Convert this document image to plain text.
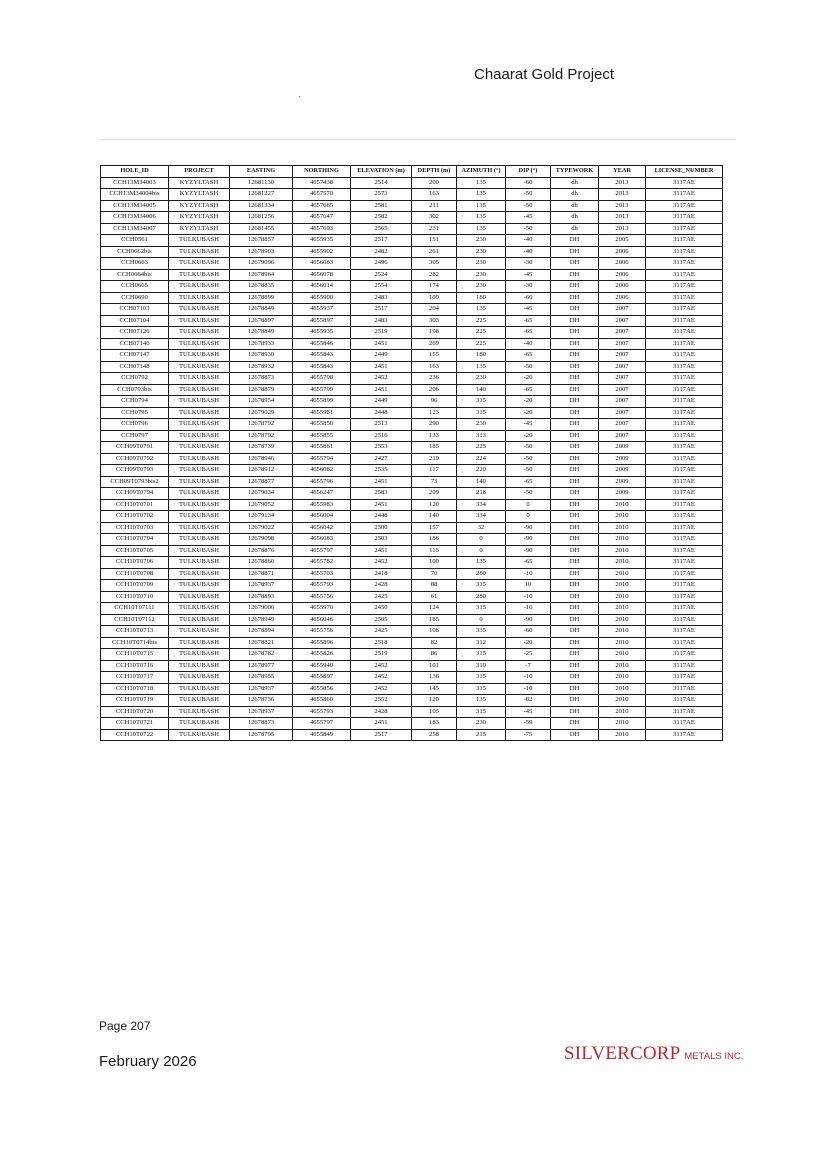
Chaarat Gold Project
HOLE_ID	PROJECT	EASTING	NORTHING	ELEVATION (m)	DEPTH (m)	AZIMUTH (°)	DIP (°)	TYPEWORK	YEAR	LICENSE_NUMBER
CCH13M34003	KYZYLTASH	12681130	4657438	2514	200	135	-60	dh	2013	3117AE
CCH13M34004bis	KYZYLTASH	12681227	4657570	2573	163	135	-50	dh	2013	3117AE
CCH13M34005	KYZYLTASH	12681334	4657685	2581	211	135	-50	dh	2013	3117AE
CCH13M34006	KYZYLTASH	12681256	4657647	2582	302	135	-45	dh	2013	3117AE
CCH13M34007	KYZYLTASH	12681455	4657693	2565	231	135	-50	dh	2013	3117AE
CCH0561	TULKUBASH	12678857	4655935	2517	151	230	-40	DH	2005	3117AE
CCH0662bis	TULKUBASH	12678903	4655902	2482	261	230	-40	DH	2006	3117AE
CCH0663	TULKUBASH	12679096	4656083	2496	305	230	-30	DH	2006	3117AE
CCH0664bis	TULKUBASH	12678964	4656078	2524	282	230	-45	DH	2006	3117AE
CCH0665	TULKUBASH	12678835	4656014	2554	174	230	-30	DH	2006	3117AE
CCH0690	TULKUBASH	12678899	4655900	2483	109	180	-60	DH	2006	3117AE
CCH07103	TULKUBASH	12678849	4655937	2517	204	135	-45	DH	2007	3117AE
CCH07104	TULKUBASH	12678897	4655897	2483	303	225	-65	DH	2007	3117AE
CCH07126	TULKUBASH	12678849	4655935	2519	198	225	-65	DH	2007	3117AE
CCH07146	TULKUBASH	12678933	4655846	2451	269	225	-40	DH	2007	3117AE
CCH07147	TULKUBASH	12678930	4655843	2449	155	180	-65	DH	2007	3117AE
CCH07148	TULKUBASH	12678932	4655843	2451	163	135	-50	DH	2007	3117AE
CCH0792	TULKUBASH	12678873	4655798	2452	236	230	-20	DH	2007	3117AE
CCH0793bis	TULKUBASH	12678879	4655799	2451	206	140	-65	DH	2007	3117AE
CCH0794	TULKUBASH	12678954	4655899	2449	96	315	-20	DH	2007	3117AE
CCH0795	TULKUBASH	12679029	4655981	2448	123	315	-20	DH	2007	3117AE
CCH0796	TULKUBASH	12678792	4655850	2513	290	230	-45	DH	2007	3117AE
CCH0797	TULKUBASH	12678792	4655855	2516	133	313	-20	DH	2007	3117AE
CCH09T0791	TULKUBASH	12678739	4655861	2553	185	225	-50	DH	2009	3117AE
CCH09T0792	TULKUBASH	12678946	4655794	2427	219	224	-50	DH	2009	3117AE
CCH09T0793	TULKUBASH	12678912	4656082	2535	117	220	-50	DH	2009	3117AE
CCH09T0793bis2	TULKUBASH	12678877	4655796	2451	73	140	-65	DH	2009	3117AE
CCH09T0794	TULKUBASH	12679034	4656247	2583	209	218	-50	DH	2009	3117AE
CCH10T0701	TULKUBASH	12679052	4655983	2451	120	334	0	DH	2010	3117AE
CCH10T0702	TULKUBASH	12679134	4656004	2448	140	334	0	DH	2010	3117AE
CCH10T0703	TULKUBASH	12679022	4656042	2500	157	32	-90	DH	2010	3117AE
CCH10T0704	TULKUBASH	12679098	4656083	2503	186	0	-90	DH	2010	3117AE
CCH10T0705	TULKUBASH	12678876	4655797	2451	116	0	-90	DH	2010	3117AE
CCH10T0706	TULKUBASH	12678860	4655782	2452	100	135	-65	DH	2010	3117AE
CCH10T0708	TULKUBASH	12678871	4655703	2418	70	280	-10	DH	2010	3117AE
CCH10T0709	TULKUBASH	12678937	4655793	2428	88	315	10	DH	2010	3117AE
CCH10T0710	TULKUBASH	12678893	4655756	2425	61	280	-10	DH	2010	3117AE
CCH10T07111	TULKUBASH	12679006	4655970	2450	124	315	-10	DH	2010	3117AE
CCH10T07112	TULKUBASH	12678949	4656046	2505	185	0	-90	DH	2010	3117AE
CCH10T0713	TULKUBASH	12678894	4655756	2425	108	335	-60	DH	2010	3117AE
CCH10T0714bis	TULKUBASH	12678821	4655896	2518	82	312	-20	DH	2010	3117AE
CCH10T0715	TULKUBASH	12678782	4655826	2519	86	315	-25	DH	2010	3117AE
CCH10T0716	TULKUBASH	12678977	4655940	2452	101	310	-7	DH	2010	3117AE
CCH10T0717	TULKUBASH	12678955	4655897	2452	136	315	-10	DH	2010	3117AE
CCH10T0718	TULKUBASH	12678937	4655856	2452	145	315	-10	DH	2010	3117AE
CCH10T0719	TULKUBASH	12678736	4655860	2552	120	135	-82	DH	2010	3117AE
CCH10T0720	TULKUBASH	12678937	4655793	2428	105	315	-45	DH	2010	3117AE
CCH10T0721	TULKUBASH	12678873	4655797	2451	183	230	-59	DH	2010	3117AE
CCH10T0722	TULKUBASH	12678795	4655849	2517	258	215	-75	DH	2010	3117AE
Page 207
February 2026	SILVERCORP METALS INC.
